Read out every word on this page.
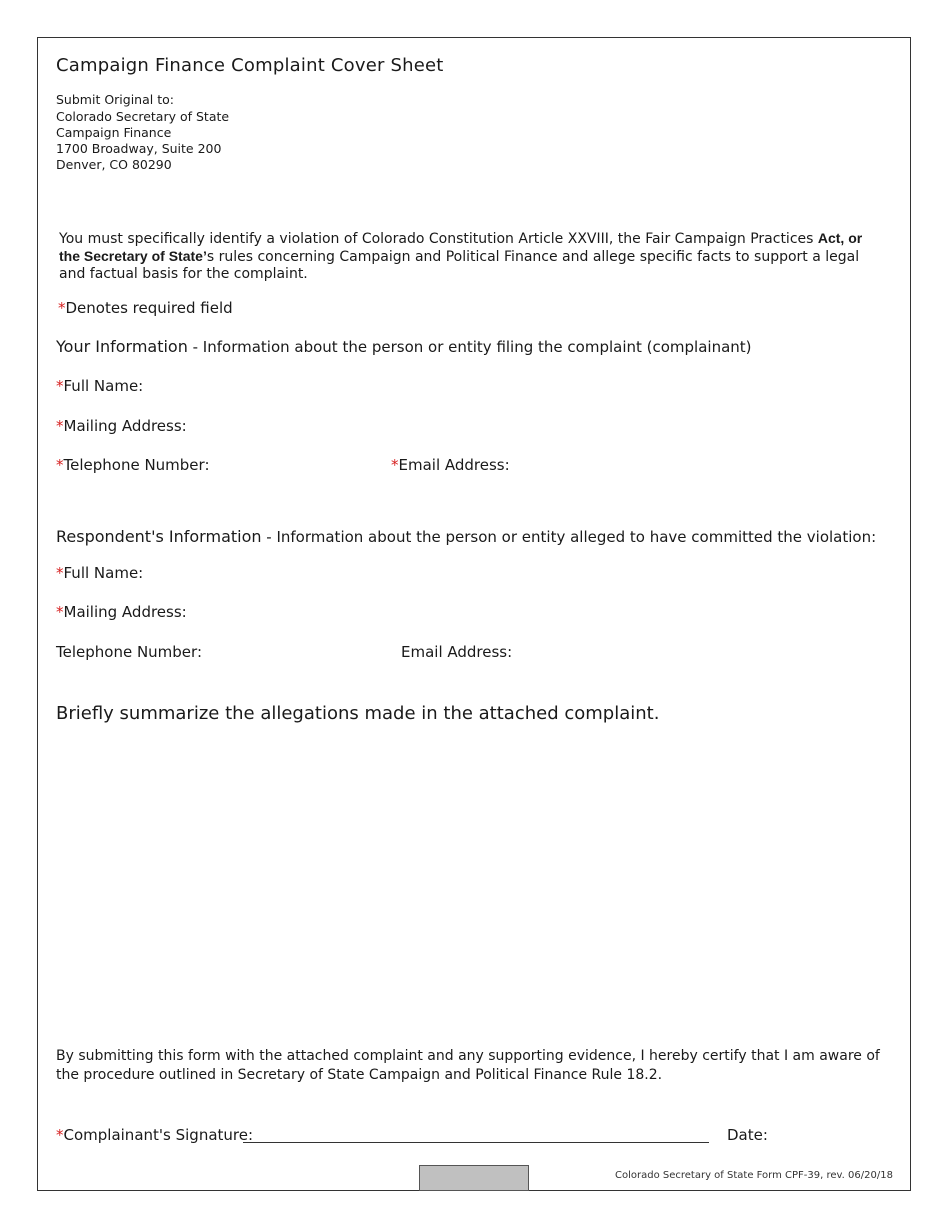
Campaign Finance Complaint Cover Sheet
Submit Original to:
Colorado Secretary of State
Campaign Finance
1700 Broadway, Suite 200
Denver, CO 80290
You must specifically identify a violation of Colorado Constitution Article XXVIII, the Fair Campaign Practices Act, or the Secretary of State’s rules concerning Campaign and Political Finance and allege specific facts to support a legal and factual basis for the complaint.
*Denotes required field
Your Information - Information about the person or entity filing the complaint (complainant)
*Full Name:
*Mailing Address:
*Telephone Number:	*Email Address:
Respondent's Information - Information about the person or entity alleged to have committed the violation:
*Full Name:
*Mailing Address:
Telephone Number:	Email Address:
Briefly summarize the allegations made in the attached complaint.
By submitting this form with the attached complaint and any supporting evidence, I hereby certify that I am aware of the procedure outlined in Secretary of State Campaign and Political Finance Rule 18.2.
*Complainant's Signature:	Date:
Colorado Secretary of State Form CPF-39, rev. 06/20/18
